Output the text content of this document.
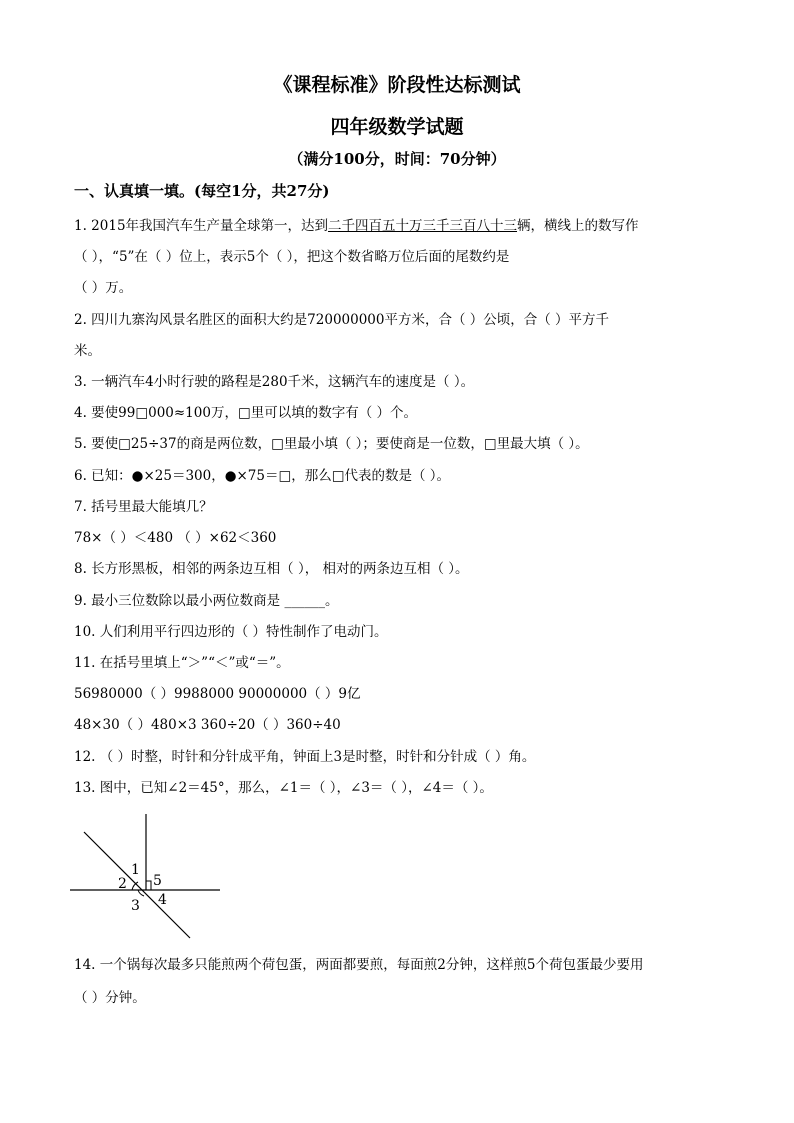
《课程标准》阶段性达标测试
四年级数学试题
（满分100分，时间：70分钟）
一、认真填一填。(每空1分，共27分)
1. 2015年我国汽车生产量全球第一，达到二千四百五十万三千三百八十三辆，横线上的数写作
（ ），“5”在（ ）位上，表示5个（ ），把这个数省略万位后面的尾数约是
（ ）万。
2. 四川九寨沟风景名胜区的面积大约是720000000平方米，合（ ）公顷，合（ ）平方千
米。
3. 一辆汽车4小时行驶的路程是280千米，这辆汽车的速度是（ ）。
4. 要使99□000≈100万，□里可以填的数字有（ ）个。
5. 要使□25÷37的商是两位数，□里最小填（ ）；要使商是一位数，□里最大填（ ）。
6. 已知：●×25＝300，●×75＝□，那么□代表的数是（ ）。
7. 括号里最大能填几？
78×（ ）＜480 （ ）×62＜360
8. 长方形黑板，相邻的两条边互相（ ）， 相对的两条边互相（ ）。
9. 最小三位数除以最小两位数商是 ______。
10. 人们利用平行四边形的（ ）特性制作了电动门。
11. 在括号里填上“＞”“＜”或“＝”。
56980000（ ）9988000 90000000（ ）9亿
48×30（ ）480×3 360÷20（ ）360÷40
12. （ ）时整，时针和分针成平角，钟面上3是时整，时针和分针成（ ）角。
13. 图中，已知∠2＝45°，那么，∠1＝（ ），∠3＝（ ），∠4＝（ ）。
1
2
3 4
5
14. 一个锅每次最多只能煎两个荷包蛋，两面都要煎，每面煎2分钟，这样煎5个荷包蛋最少要用
（ ）分钟。
